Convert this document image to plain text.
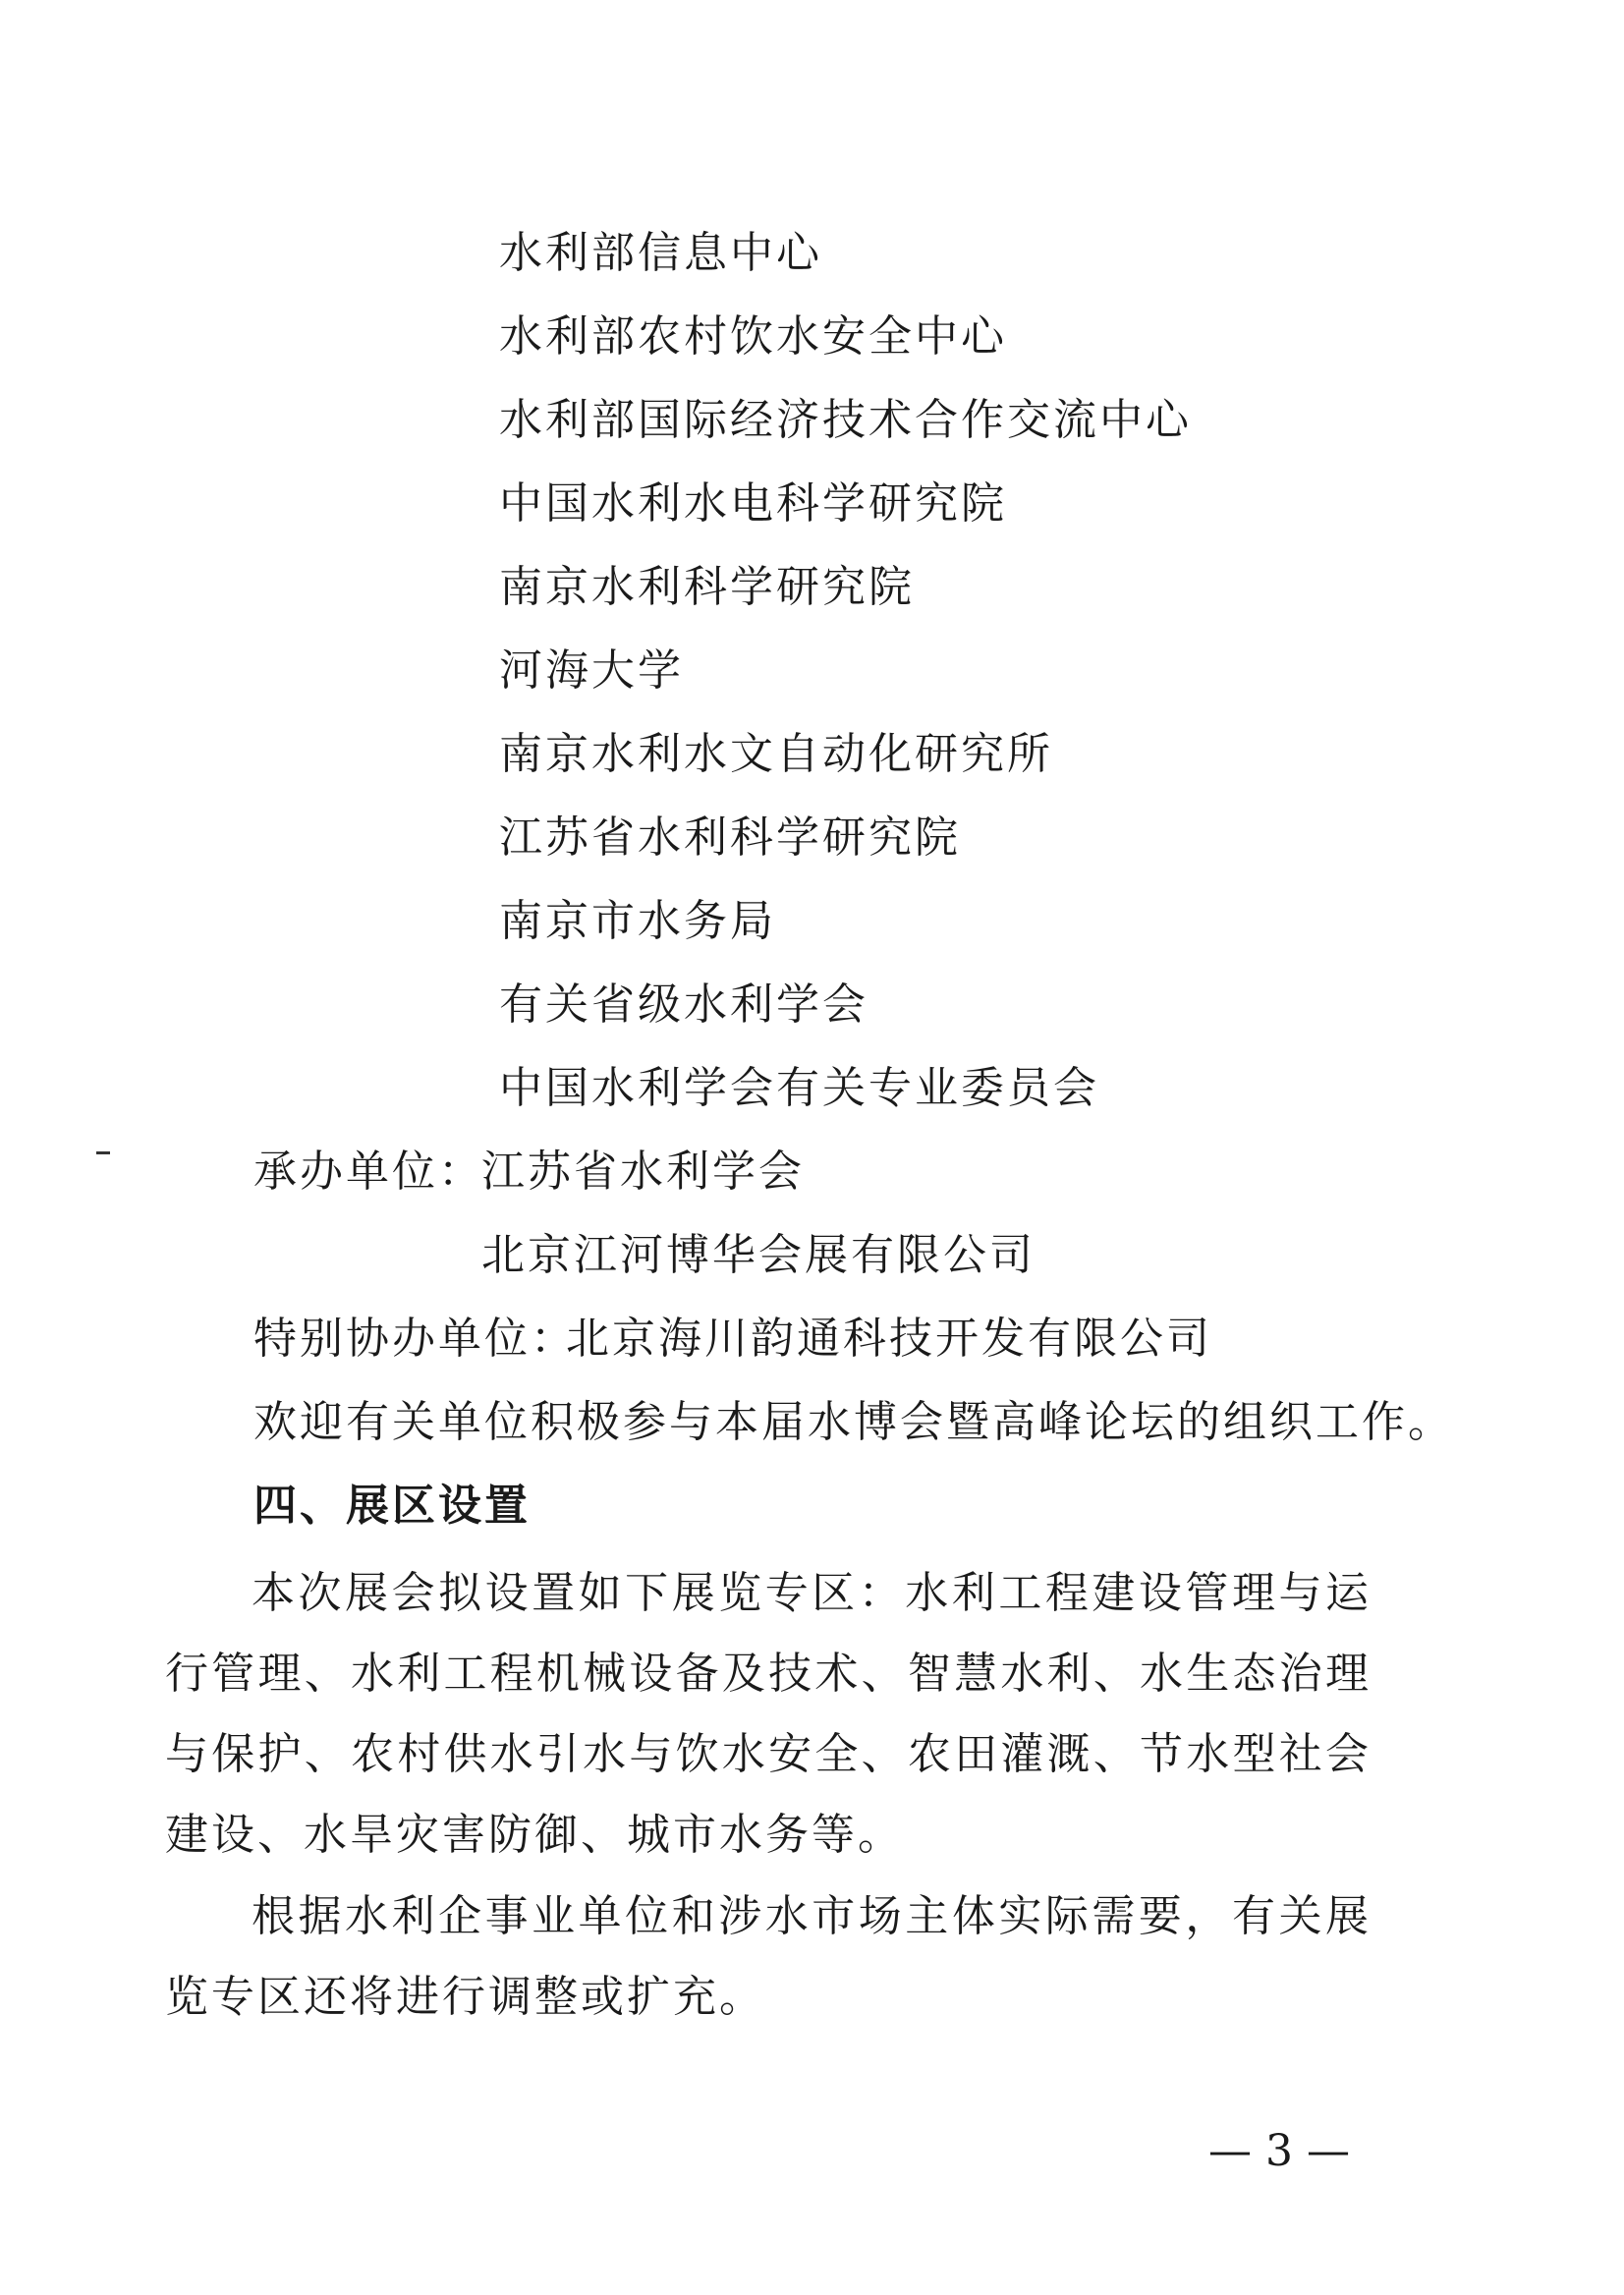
水利部信息中心
水利部农村饮水安全中心
水利部国际经济技术合作交流中心
中国水利水电科学研究院
南京水利科学研究院
河海大学
南京水利水文自动化研究所
江苏省水利科学研究院
南京市水务局
有关省级水利学会
中国水利学会有关专业委员会
承办单位：
江苏省水利学会
北京江河博华会展有限公司
特别协办单位：
北京海川韵通科技开发有限公司
欢迎有关单位积极参与本届水博会暨高峰论坛的组织工作。
四、展区设置
本次展会拟设置如下展览专区：水利工程建设管理与运行管理、水利工程机械设备及技术、智慧水利、水生态治理与保护、农村供水引水与饮水安全、农田灌溉、节水型社会建设、水旱灾害防御、城市水务等。
根据水利企事业单位和涉水市场主体实际需要，有关展览专区还将进行调整或扩充。
— 3 —
